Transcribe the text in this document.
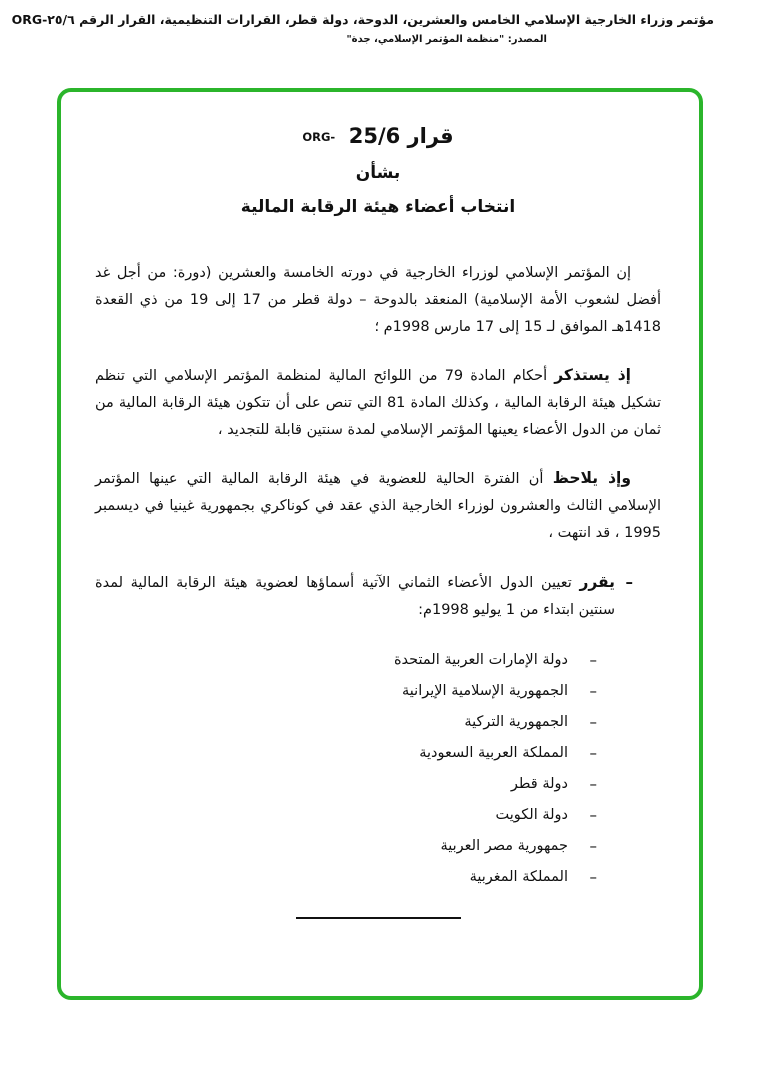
مؤتمر وزراء الخارجية الإسلامي الخامس والعشرين، الدوحة، دولة قطر، القرارات التنظيمية، القرار الرقم ٢٥/٦-ORG
المصدر: "منظمة المؤتمر الإسلامي، جدة"
قرار 25/6 ORG-
بشأن
انتخاب أعضاء هيئة الرقابة المالية

إن المؤتمر الإسلامي لوزراء الخارجية في دورته الخامسة والعشرين (دورة: من أجل غد أفضل لشعوب الأمة الإسلامية) المنعقد بالدوحة – دولة قطر من 17 إلى 19 من ذي القعدة 1418هـ الموافق لـ 15 إلى 17 مارس 1998م ؛

إذ يستذكر أحكام المادة 79 من اللوائح المالية لمنظمة المؤتمر الإسلامي التي تنظم تشكيل هيئة الرقابة المالية ، وكذلك المادة 81 التي تنص على أن تتكون هيئة الرقابة المالية من ثمان من الدول الأعضاء يعينها المؤتمر الإسلامي لمدة سنتين قابلة للتجديد ،

وإذ يلاحظ أن الفترة الحالية للعضوية في هيئة الرقابة المالية التي عينها المؤتمر الإسلامي الثالث والعشرون لوزراء الخارجية الذي عقد في كوناكري بجمهورية غينيا في ديسمبر 1995 ، قد انتهت ،

–

يقرر تعيين الدول الأعضاء الثماني الآتية أسماؤها لعضوية هيئة الرقابة المالية لمدة سنتين ابتداء من 1 يوليو 1998م:

–
دولة الإمارات العربية المتحدة
–
الجمهورية الإسلامية الإيرانية
–
الجمهورية التركية
–
المملكة العربية السعودية
–
دولة قطر
–
دولة الكويت
–
جمهورية مصر العربية
–
المملكة المغربية
